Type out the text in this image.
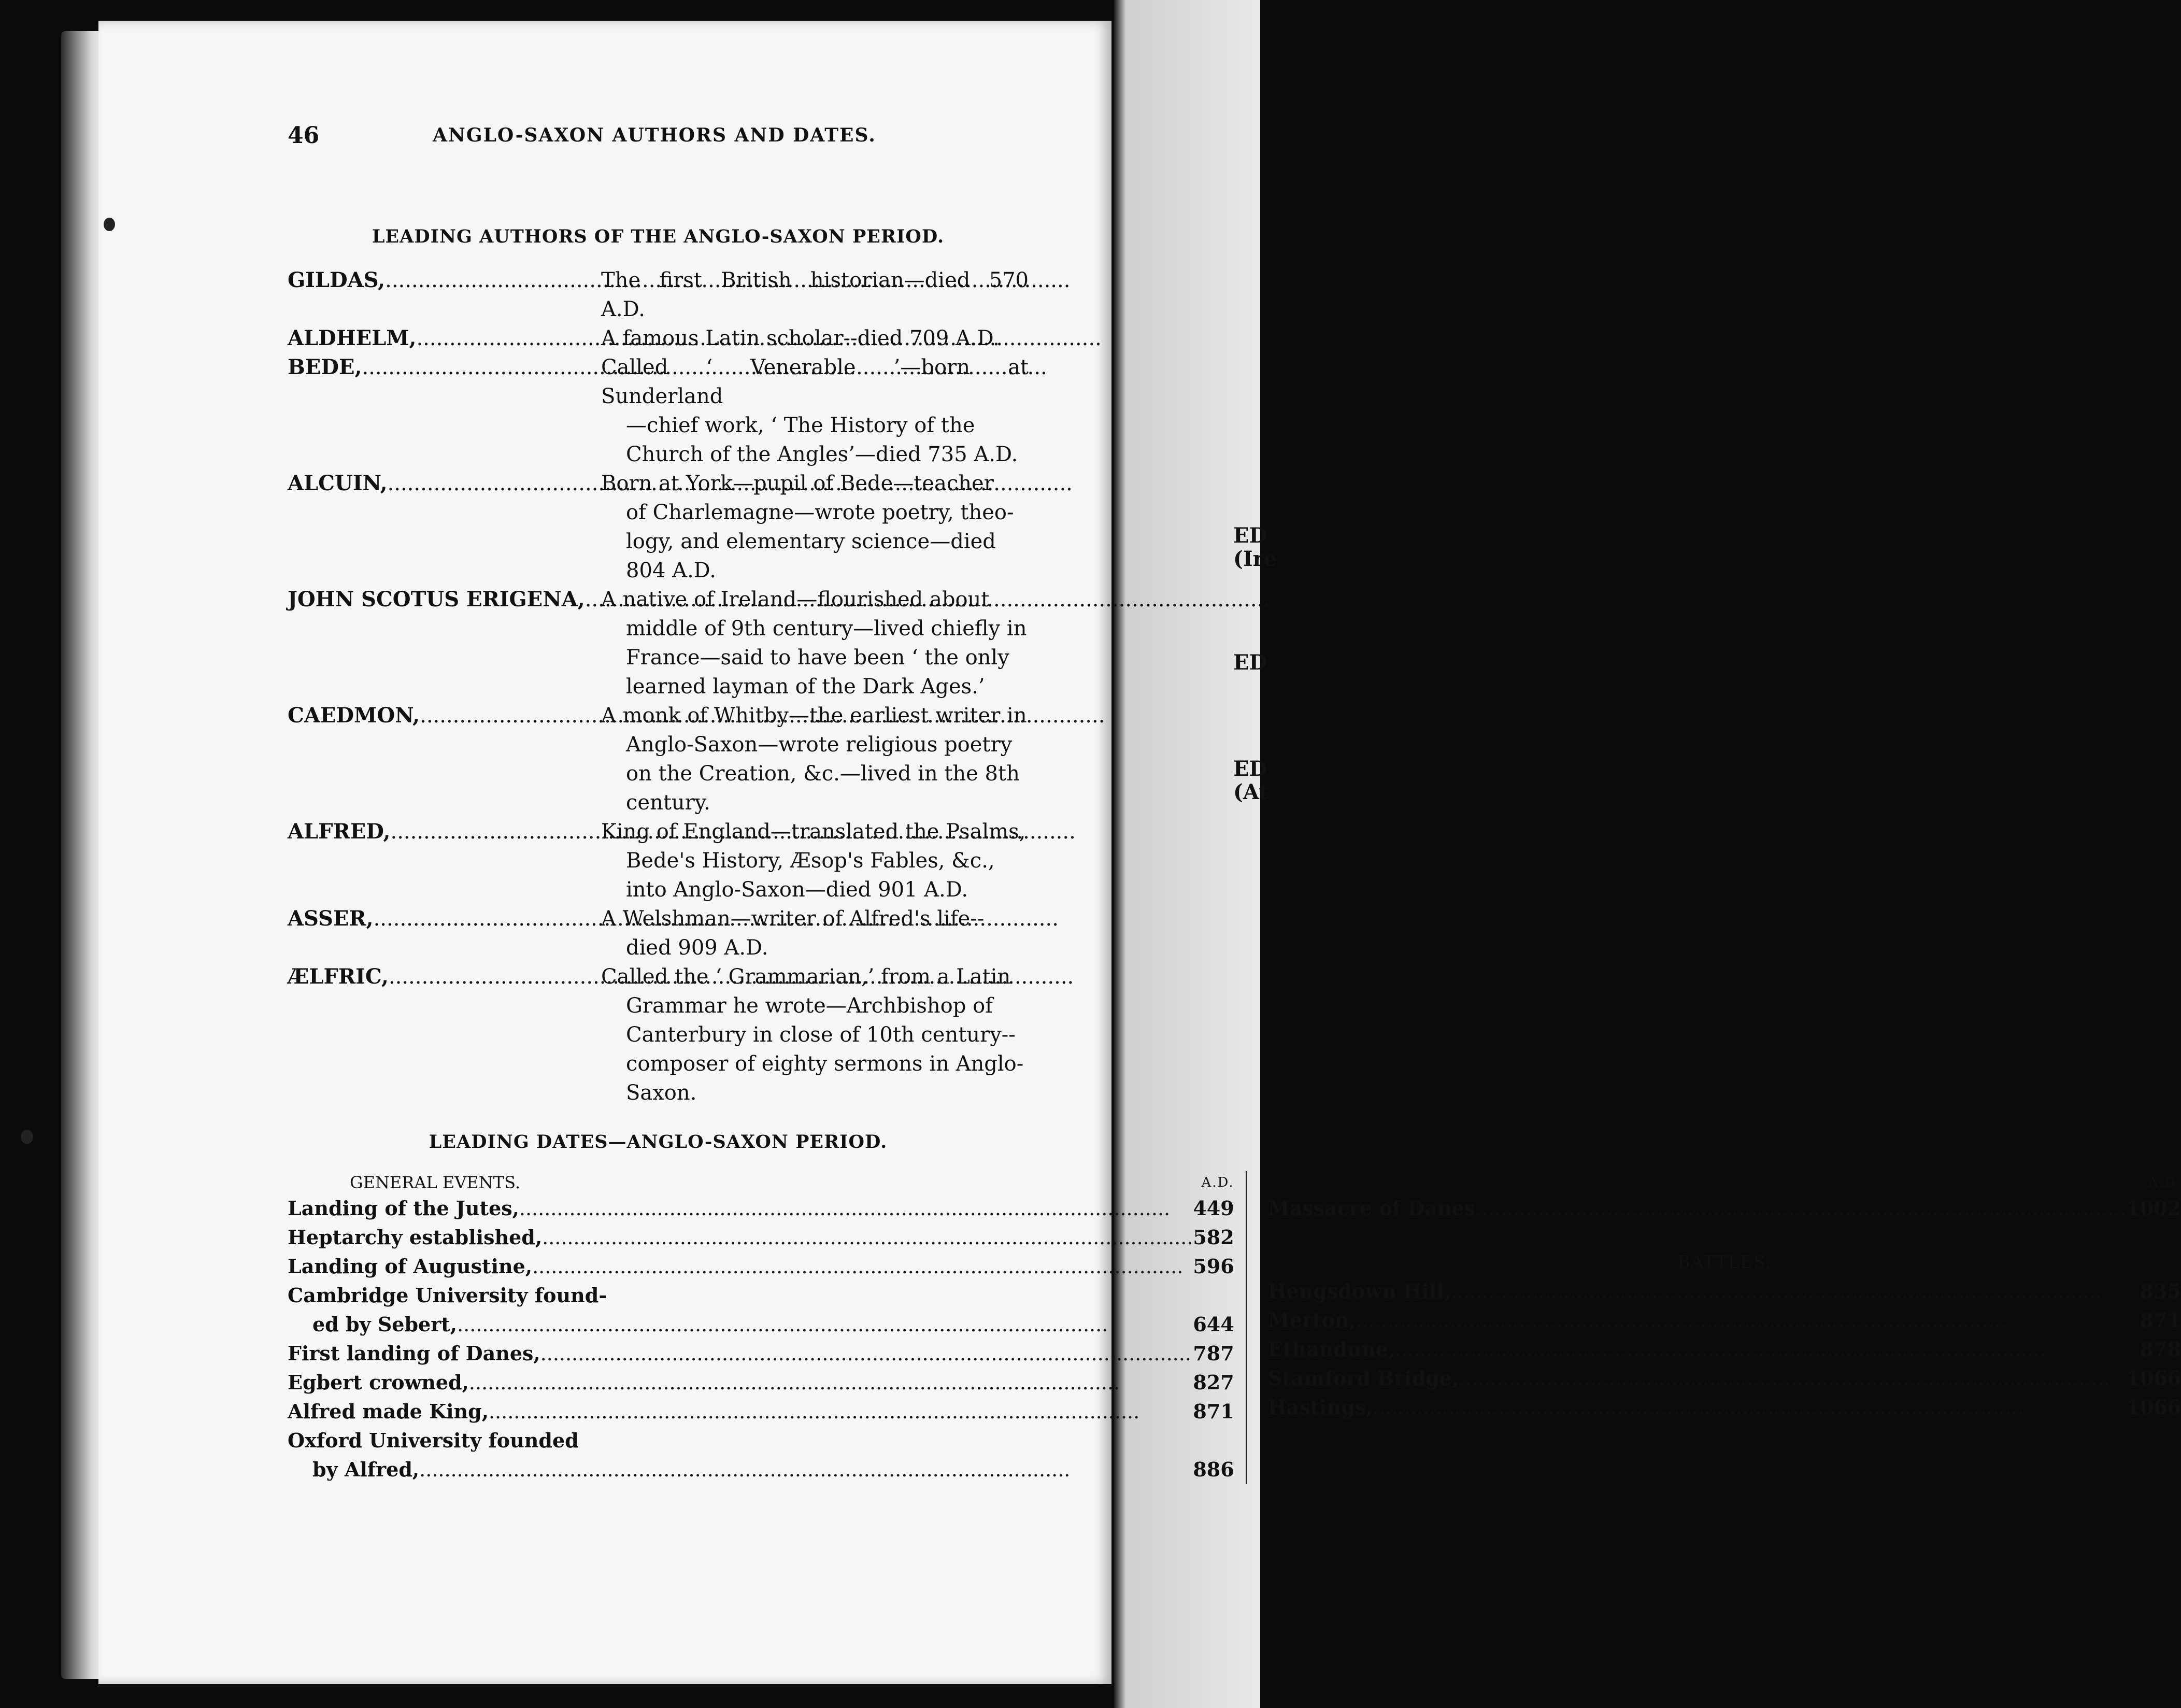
ED
(Ire
ED
ED
(At
46	ANGLO-SAXON AUTHORS AND DATES.
LEADING AUTHORS OF THE ANGLO-SAXON PERIOD.
GILDAS, .....	The first British historian—died 570 A.D.
ALDHELM, .....	A famous Latin scholar--died 709 A.D.
BEDE, .....	Called ‘ Venerable ’—born at Sunderland
—chief work, ‘ The History of the
Church of the Angles’—died 735 A.D.
ALCUIN, .....	Born at York—pupil of Bede—teacher
of Charlemagne—wrote poetry, theo-
logy, and elementary science—died
804 A.D.
JOHN SCOTUS ERIGENA, ..... A native of Ireland—flourished about
middle of 9th century—lived chiefly in
France—said to have been ‘ the only
learned layman of the Dark Ages.’
CAEDMON, .....	A monk of Whitby—the earliest writer in
Anglo-Saxon—wrote religious poetry
on the Creation, &c.—lived in the 8th
century.
ALFRED, .....	King of England—translated the Psalms,
Bede's History, Æsop's Fables, &c.,
into Anglo-Saxon—died 901 A.D.
ASSER, .....	A Welshman—writer of Alfred's life--
died 909 A.D.
ÆLFRIC, .....	Called the ‘ Grammarian,’ from a Latin
Grammar he wrote—Archbishop of
Canterbury in close of 10th century--
composer of eighty sermons in Anglo-
Saxon.
LEADING DATES—ANGLO-SAXON PERIOD.
GENERAL EVENTS.	A.D.
Landing of the Jutes, .....	449
Heptarchy established, .....	582
Landing of Augustine, .....	596
Cambridge University found-
ed by Sebert, .....	644
First landing of Danes, .....	787
Egbert crowned, .....	827
Alfred made King, .....	871
Oxford University founded
by Alfred, .....	886
A.D.
Massacre of Danes .....	1002
BATTLES.
Hengsdown Hill, .....	835
Merton, .....	871
Ethandune, .....	878
Stamford Bridge, .....	1066
Hastings, .....	1066
